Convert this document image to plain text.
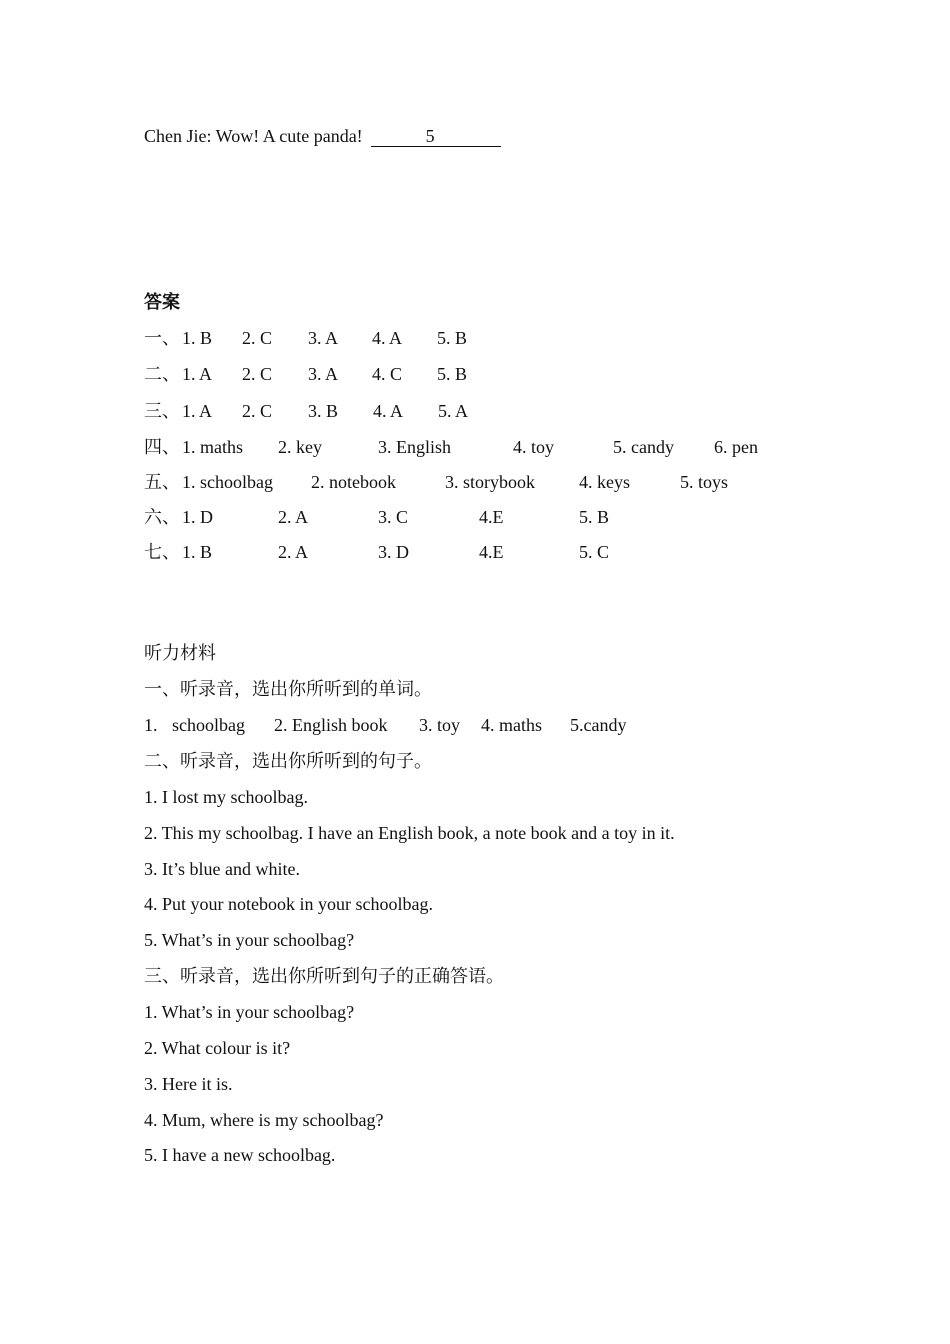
Chen Jie: Wow! A cute panda!	5
答案
一、 1. B 2. C 3. A 4. A 5. B
二、 1. A 2. C 3. A 4. C 5. B
三、 1. A 2. C 3. B 4. A 5. A
四、 1. maths 2. key	3. English	4. toy	5. candy 6. pen
五、 1. schoolbag 2. notebook	3. storybook 4. keys	5. toys
六、 1. D	2. A	3. C	4.E	5. B
七、 1. B	2. A	3. D	4.E	5. C
听力材料
一、听录音，选出你所听到的单词。
1. schoolbag 2. English book 3. toy 4. maths 5.candy
二、听录音，选出你所听到的句子。
1. I lost my schoolbag.
2. This my schoolbag. I have an English book, a note book and a toy in it.
3. It’s blue and white.
4. Put your notebook in your schoolbag.
5. What’s in your schoolbag?
三、听录音，选出你所听到句子的正确答语。
1. What’s in your schoolbag?
2. What colour is it?
3. Here it is.
4. Mum, where is my schoolbag?
5. I have a new schoolbag.
